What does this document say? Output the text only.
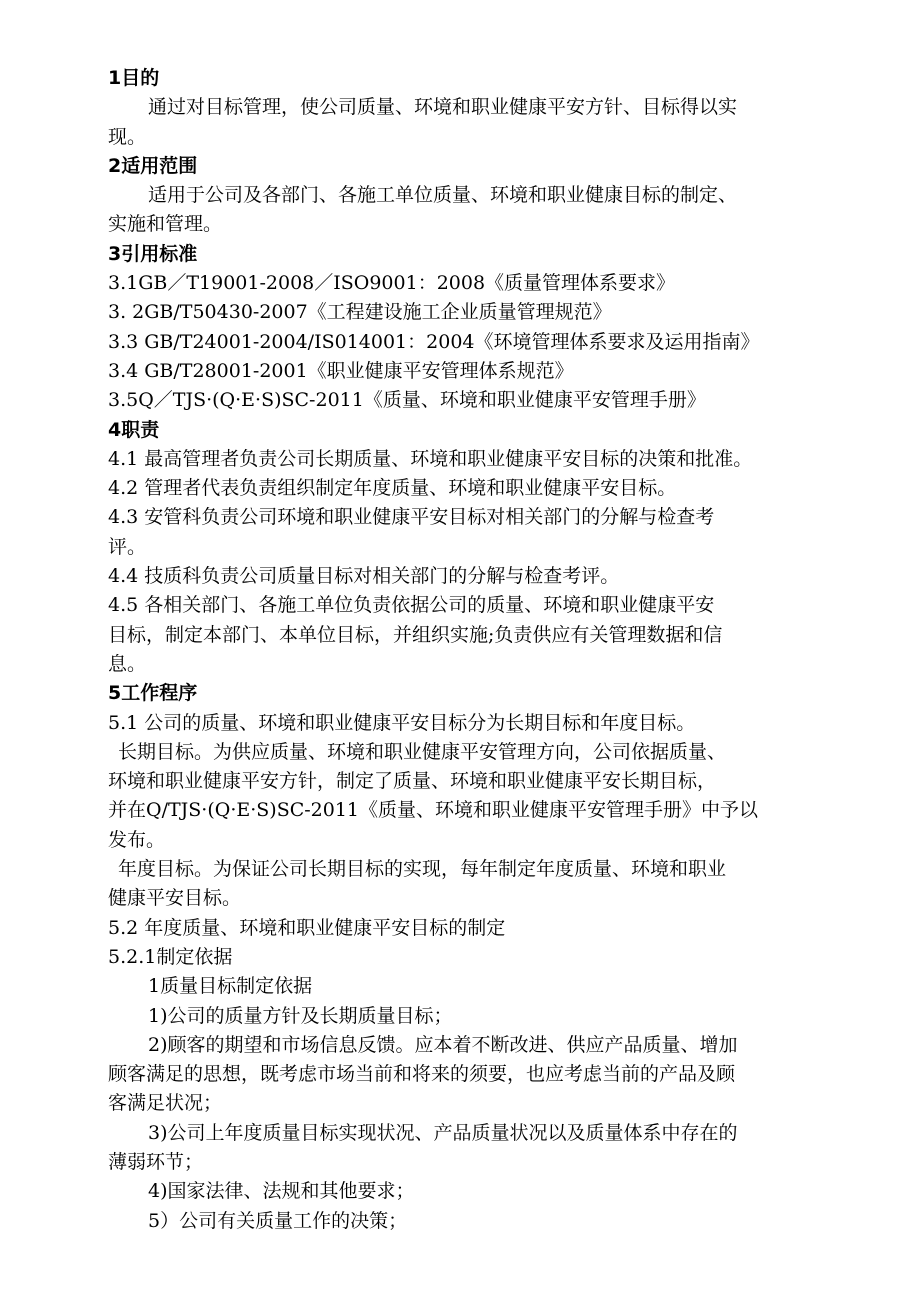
1目的
通过对目标管理，使公司质量、环境和职业健康平安方针、目标得以实
现。
2适用范围
适用于公司及各部门、各施工单位质量、环境和职业健康目标的制定、
实施和管理。
3引用标准
3.1GB／T19001-2008／ISO9001：2008《质量管理体系要求》
3. 2GB/T50430-2007《工程建设施工企业质量管理规范》
3.3 GB/T24001-2004/IS014001：2004《环境管理体系要求及运用指南》
3.4 GB/T28001-2001《职业健康平安管理体系规范》
3.5Q／TJS·(Q·E·S)SC-2011《质量、环境和职业健康平安管理手册》
4职责
4.1 最高管理者负责公司长期质量、环境和职业健康平安目标的决策和批准。
4.2 管理者代表负责组织制定年度质量、环境和职业健康平安目标。
4.3 安管科负责公司环境和职业健康平安目标对相关部门的分解与检查考
评。
4.4 技质科负责公司质量目标对相关部门的分解与检查考评。
4.5 各相关部门、各施工单位负责依据公司的质量、环境和职业健康平安
目标，制定本部门、本单位目标，并组织实施;负责供应有关管理数据和信
息。
5工作程序
5.1 公司的质量、环境和职业健康平安目标分为长期目标和年度目标。
长期目标。为供应质量、环境和职业健康平安管理方向，公司依据质量、
环境和职业健康平安方针，制定了质量、环境和职业健康平安长期目标，
并在Q/TJS·(Q·E·S)SC-2011《质量、环境和职业健康平安管理手册》中予以
发布。
年度目标。为保证公司长期目标的实现，每年制定年度质量、环境和职业
健康平安目标。
5.2 年度质量、环境和职业健康平安目标的制定
5.2.1制定依据
1质量目标制定依据
1)公司的质量方针及长期质量目标；
2)顾客的期望和市场信息反馈。应本着不断改进、供应产品质量、增加
顾客满足的思想，既考虑市场当前和将来的须要，也应考虑当前的产品及顾
客满足状况；
3)公司上年度质量目标实现状况、产品质量状况以及质量体系中存在的
薄弱环节；
4)国家法律、法规和其他要求；
5）公司有关质量工作的决策；
